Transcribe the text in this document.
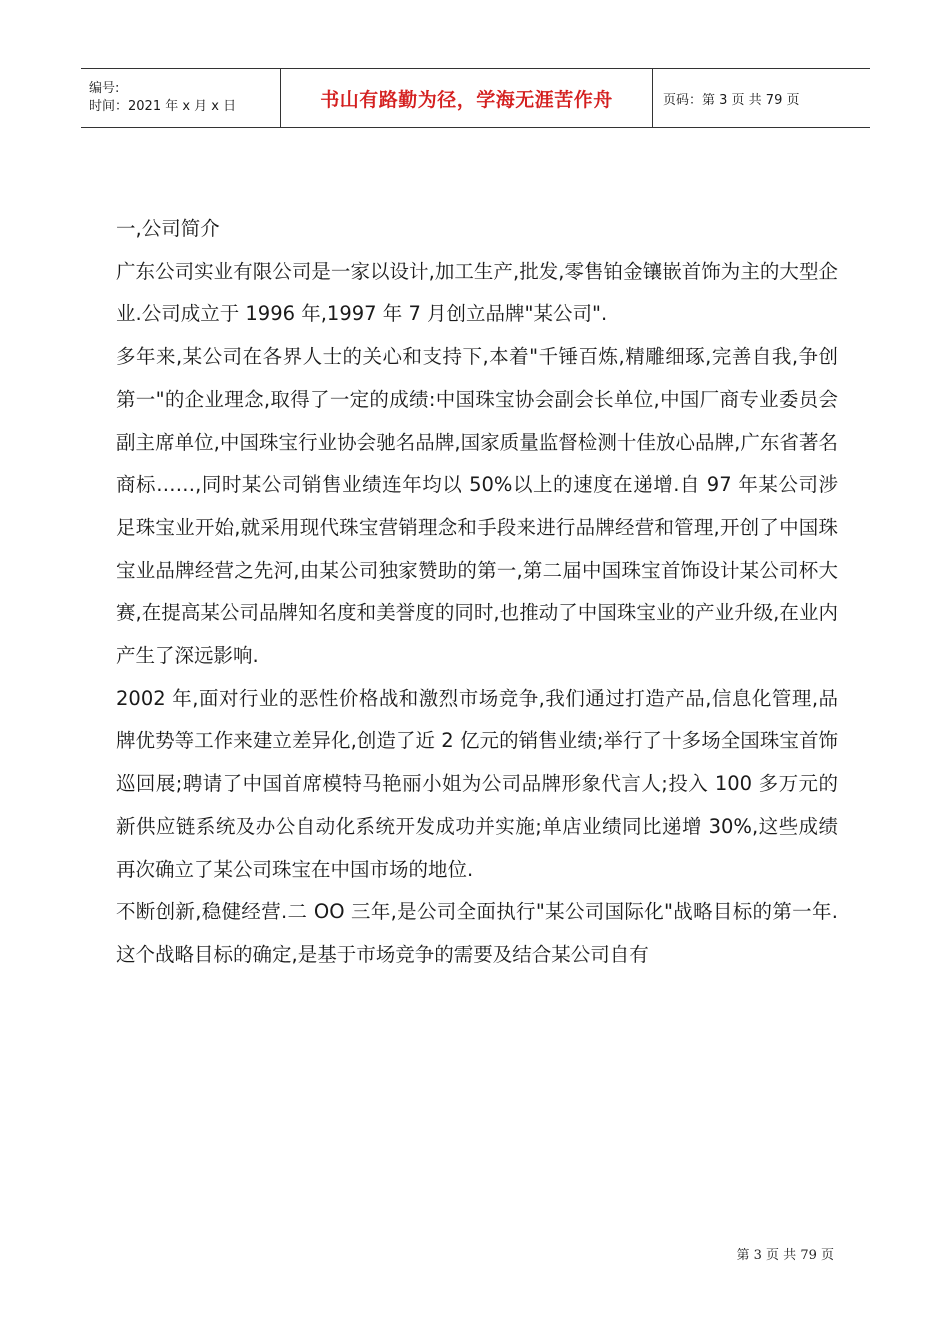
编号:
时间：2021 年 x 月 x 日	书山有路勤为径，学海无涯苦作舟	页码：第 3 页 共 79 页

一,公司简介

广东公司实业有限公司是一家以设计,加工生产,批发,零售铂金镶嵌首饰为主的大型企业.公司成立于 1996 年,1997 年 7 月创立品牌"某公司".

多年来,某公司在各界人士的关心和支持下,本着"千锤百炼,精雕细琢,完善自我,争创第一"的企业理念,取得了一定的成绩:中国珠宝协会副会长单位,中国厂商专业委员会副主席单位,中国珠宝行业协会驰名品牌,国家质量监督检测十佳放心品牌,广东省著名商标……,同时某公司销售业绩连年均以 50%以上的速度在递增.自 97 年某公司涉足珠宝业开始,就采用现代珠宝营销理念和手段来进行品牌经营和管理,开创了中国珠宝业品牌经营之先河,由某公司独家赞助的第一,第二届中国珠宝首饰设计某公司杯大赛,在提高某公司品牌知名度和美誉度的同时,也推动了中国珠宝业的产业升级,在业内产生了深远影响.

2002 年,面对行业的恶性价格战和激烈市场竞争,我们通过打造产品,信息化管理,品牌优势等工作来建立差异化,创造了近 2 亿元的销售业绩;举行了十多场全国珠宝首饰巡回展;聘请了中国首席模特马艳丽小姐为公司品牌形象代言人;投入 100 多万元的新供应链系统及办公自动化系统开发成功并实施;单店业绩同比递增 30%,这些成绩再次确立了某公司珠宝在中国市场的地位.

不断创新,稳健经营.二 OO 三年,是公司全面执行"某公司国际化"战略目标的第一年.这个战略目标的确定,是基于市场竞争的需要及结合某公司自有

第 3 页 共 79 页
